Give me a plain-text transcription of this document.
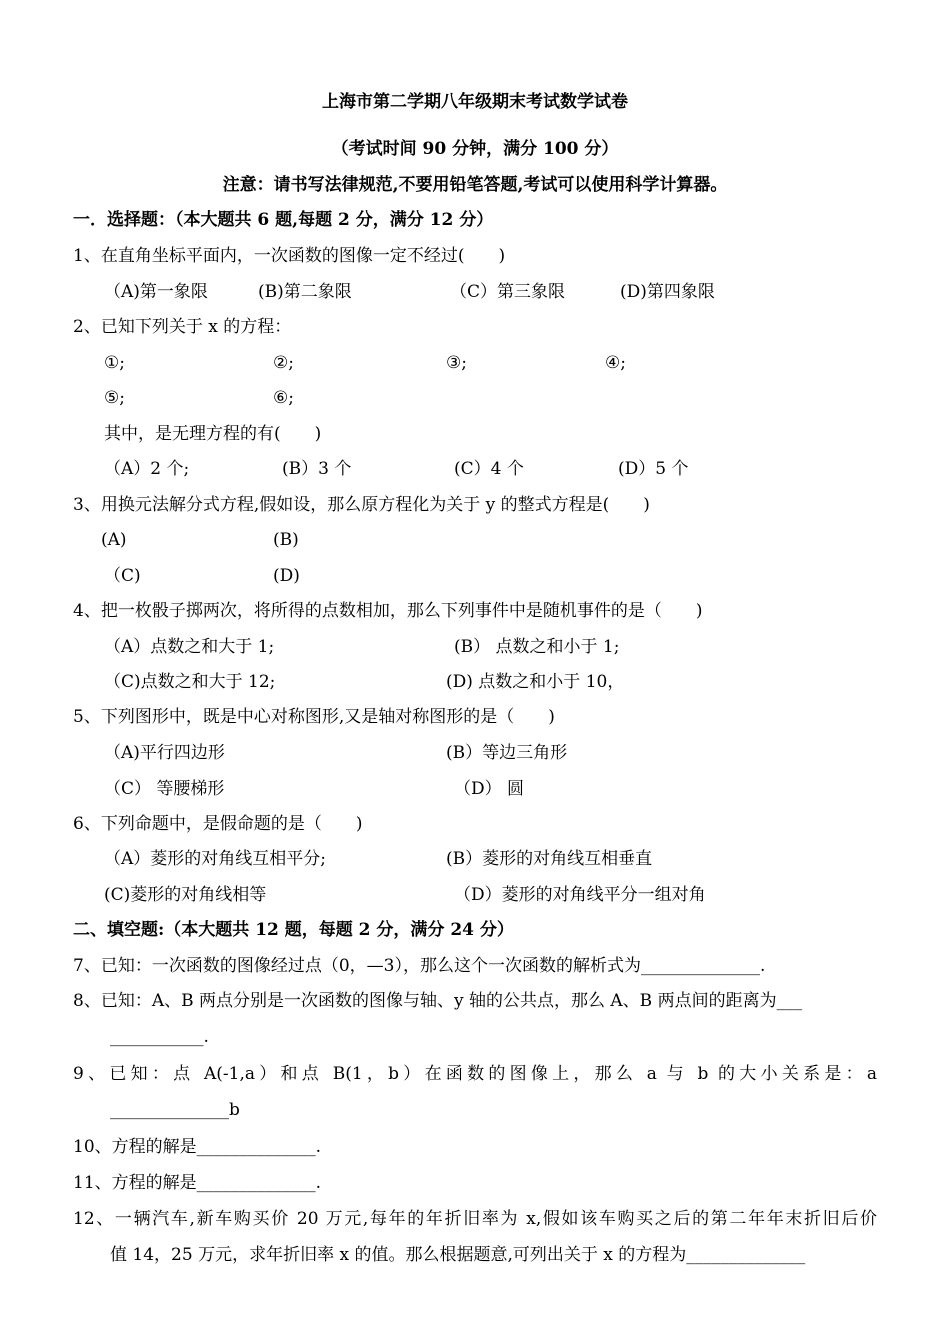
上海市第二学期八年级期末考试数学试卷
（考试时间 90 分钟，满分 100 分）
注意：请书写法律规范,不要用铅笔答题,考试可以使用科学计算器。
一．选择题：（本大题共 6 题,每题 2 分，满分 12 分）
1、在直角坐标平面内，一次函数的图像一定不经过(　　)
（A)第一象限	(B)第二象限	（C）第三象限	(D)第四象限
2、已知下列关于 x 的方程：
①;	②;	③;	④;
⑤;	⑥;
其中，是无理方程的有(　　)
（A）2 个;	(B）3 个	(C）4 个	(D）5 个
3、用换元法解分式方程,假如设，那么原方程化为关于 y 的整式方程是(　　)
(A)	(B)
（C)	(D)
4、把一枚骰子掷两次，将所得的点数相加，那么下列事件中是随机事件的是（　　)
（A）点数之和大于 1;	(B） 点数之和小于 1;
（C)点数之和大于 12;	(D) 点数之和小于 10，
5、下列图形中，既是中心对称图形,又是轴对称图形的是（　　)
（A)平行四边形	(B）等边三角形
（C） 等腰梯形	（D） 圆
6、下列命题中，是假命题的是（　　)
（A）菱形的对角线互相平分;	(B）菱形的对角线互相垂直
(C)菱形的对角线相等	（D）菱形的对角线平分一组对角
二、填空题:（本大题共 12 题，每题 2 分，满分 24 分）
7、已知：一次函数的图像经过点（0，—3），那么这个一次函数的解析式为______________.
8、已知：A、B 两点分别是一次函数的图像与轴、y 轴的公共点，那么 A、B 两点间的距离为___
___________.
9、已知：点 A(-1,a）和点 B(1，b）在函数的图像上，那么 a 与 b 的大小关系是：a
______________b
10、方程的解是______________.
11、方程的解是______________.
12、一辆汽车,新车购买价 20 万元,每年的年折旧率为 x,假如该车购买之后的第二年年末折旧后价
值 14，25 万元，求年折旧率 x 的值。那么根据题意,可列出关于 x 的方程为______________
